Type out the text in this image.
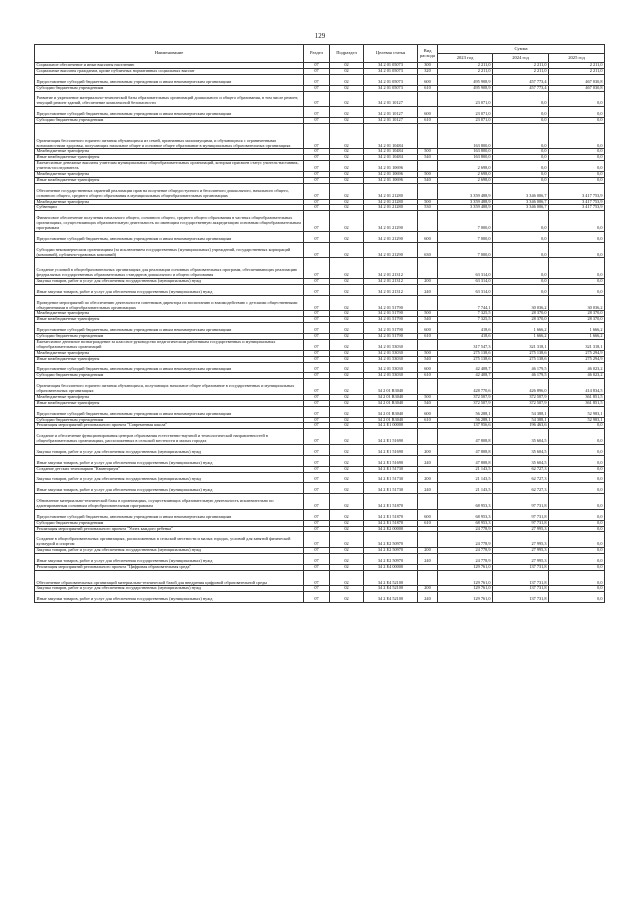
129
Наименование	Раздел	Подраздел	Целевая статья	Вид расхода	Сумма		
					2023 год	2024 год	2025 год
Социальное обеспечение и иные выплаты населению	07	02	34 2 01 05073	300	2 211,0	2 211,0	2 211,0
Социальные выплаты гражданам, кроме публичных нормативных социальных выплат	07	02	34 2 01 05073	320	2 211,0	2 211,0	2 211,0
Предоставление субсидий бюджетным, автономным учреждениям и иным некоммерческим организациям	07	02	34 2 01 05073	600	495 908,9	457 773,4	467 030,8
Субсидии бюджетным учреждениям	07	02	34 2 01 05073	610	495 908,9	457 773,4	467 030,8
Развитие и укрепление материально-технической базы образовательных организаций дошкольного и общего образования, в том числе ремонт, текущий ремонт зданий, обеспечение комплексной безопасности	07	02	34 2 01 10127		23 071,0	0,0	0,0
Предоставление субсидий бюджетным, автономным учреждениям и иным некоммерческим организациям	07	02	34 2 01 10127	600	23 071,0	0,0	0,0
Субсидии бюджетным учреждениям	07	02	34 2 01 10127	610	23 071,0	0,0	0,0
Организация бесплатного горячего питания обучающихся из семей, признанных малоимущими, и обучающихся с ограниченными возможностями здоровья, получающих начальное общее и основное общее образование в муниципальных образовательных организациях	07	02	34 2 01 10484		163 800,0	0,0	0,0
Межбюджетные трансферты	07	02	34 2 01 10484	500	163 800,0	0,0	0,0
Иные межбюджетные трансферты	07	02	34 2 01 10484	540	163 800,0	0,0	0,0
Ежемесячные денежные выплаты учителям муниципальных общеобразовательных организаций, которым присвоен статус учитель-наставник, учитель-исследователь	07	02	34 2 01 10696		2 698,0	0,0	0,0
Межбюджетные трансферты	07	02	34 2 01 10696	500	2 698,0	0,0	0,0
Иные межбюджетные трансферты	07	02	34 2 01 10696	540	2 698,0	0,0	0,0
Обеспечение государственных гарантий реализации прав на получение общедоступного и бесплатного дошкольного, начального общего, основного общего, среднего общего образования в муниципальных общеобразовательных организациях	07	02	34 2 01 21280		3 359 488,9	3 346 006,7	3 417 753,9
Межбюджетные трансферты	07	02	34 2 01 21280	500	3 359 488,9	3 346 006,7	3 417 753,9
Субвенции	07	02	34 2 01 21280	530	3 359 488,9	3 346 006,7	3 417 753,9
Финансовое обеспечение получения начального общего, основного общего, среднего общего образования в частных общеобразовательных организациях, осуществляющих образовательную деятельность по имеющим государственную аккредитацию основным общеобразовательным программам	07	02	34 2 01 21290		7 000,0	0,0	0,0
Предоставление субсидий бюджетным, автономным учреждениям и иным некоммерческим организациям	07	02	34 2 01 21290	600	7 000,0	0,0	0,0
Субсидии некоммерческим организациям (за исключением государственных (муниципальных) учреждений, государственных корпораций (компаний), публично-правовых компаний)	07	02	34 2 01 21290	630	7 000,0	0,0	0,0
Создание условий в общеобразовательных организациях для реализации основных образовательных программ, обеспечивающих реализацию федеральных государственных образовательных стандартов дошкольного и общего образования	07	02	34 2 01 21312		63 314,0	0,0	0,0
Закупка товаров, работ и услуг для обеспечения государственных (муниципальных) нужд	07	02	34 2 01 21312	200	63 314,0	0,0	0,0
Иные закупки товаров, работ и услуг для обеспечения государственных (муниципальных) нужд	07	02	34 2 01 21312	240	63 314,0	0,0	0,0
Проведение мероприятий по обеспечению деятельности советников директора по воспитанию и взаимодействию с детскими общественными объединениями в общеобразовательных организациях	07	02	34 2 01 51790		7 744,1	30 036,2	30 036,2
Межбюджетные трансферты	07	02	34 2 01 51790	500	7 325,5	28 370,0	28 370,0
Иные межбюджетные трансферты	07	02	34 2 01 51790	540	7 325,5	28 370,0	28 370,0
Предоставление субсидий бюджетным, автономным учреждениям и иным некоммерческим организациям	07	02	34 2 01 51790	600	418,6	1 666,2	1 666,2
Субсидии бюджетным учреждениям	07	02	34 2 01 51790	610	418,6	1 666,2	1 666,2
Ежемесячное денежное вознаграждение за классное руководство педагогическим работникам государственных и муниципальных общеобразовательных организаций	07	02	34 2 01 53030		317 547,3	321 318,1	321 318,1
Межбюджетные трансферты	07	02	34 2 01 53030	500	275 138,6	275 138,6	275 294,9
Иные межбюджетные трансферты	07	02	34 2 01 53030	540	275 138,6	275 138,6	275 294,9
Предоставление субсидий бюджетным, автономным учреждениям и иным некоммерческим организациям	07	02	34 2 01 53030	600	42 408,7	46 179,5	46 023,2
Субсидии бюджетным учреждениям	07	02	34 2 01 53030	610	42 408,7	46 179,5	46 023,2
Организация бесплатного горячего питания обучающихся, получающих начальное общее образование в государственных и муниципальных образовательных организациях	07	02	34 2 01 R3040		428 770,6	426 896,0	414 834,5
Межбюджетные трансферты	07	02	34 2 01 R3040	500	372 507,9	372 507,9	361 851,5
Иные межбюджетные трансферты	07	02	34 2 01 R3040	540	372 507,9	372 507,9	361 851,5
Предоставление субсидий бюджетным, автономным учреждениям и иным некоммерческим организациям	07	02	34 2 01 R3040	600	56 288,1	54 388,1	52 983,1
Субсидии бюджетным учреждениям	07	02	34 2 01 R3040	610	56 288,1	54 388,1	52 983,1
Реализация мероприятий регионального проекта "Современная школа"	07	02	34 2 E1 00000		137 956,6	196 463,6	0,0
Создание и обеспечение функционирования центров образования естественно-научной и технологической направленностей в общеобразовательных организациях, расположенных в сельской местности и малых городах	07	02	34 2 E1 51690		47 808,8	35 604,5	0,0
Закупка товаров, работ и услуг для обеспечения государственных (муниципальных) нужд	07	02	34 2 E1 51690	200	47 808,8	35 604,5	0,0
Иные закупки товаров, работ и услуг для обеспечения государственных (муниципальных) нужд	07	02	34 2 E1 51690	240	47 808,8	35 604,5	0,0
Создание детских технопарков "Кванториум"	07	02	34 2 E1 51730		21 143,5	62 727,3	0,0
Закупка товаров, работ и услуг для обеспечения государственных (муниципальных) нужд	07	02	34 2 E1 51730	200	21 143,5	62 727,3	0,0
Иные закупки товаров, работ и услуг для обеспечения государственных (муниципальных) нужд	07	02	34 2 E1 51730	240	21 143,5	62 727,3	0,0
Обновление материально-технической базы в организациях, осуществляющих образовательную деятельность исключительно по адаптированным основным общеобразовательным программам	07	02	34 2 E1 51870		68 953,3	97 731,8	0,0
Предоставление субсидий бюджетным, автономным учреждениям и иным некоммерческим организациям	07	02	34 2 E1 51870	600	68 953,3	97 731,8	0,0
Субсидии бюджетным учреждениям	07	02	34 2 E1 51870	610	68 953,3	97 731,8	0,0
Реализация мероприятий регионального проекта "Успех каждого ребенка"	07	02	34 2 E2 00000		24 778,9	27 995,3	0,0
Создание в общеобразовательных организациях, расположенных в сельской местности и малых городах, условий для занятий физической культурой и спортом	07	02	34 2 E2 50970		24 778,9	27 995,3	0,0
Закупка товаров, работ и услуг для обеспечения государственных (муниципальных) нужд	07	02	34 2 E2 50970	200	24 778,9	27 995,3	0,0
Иные закупки товаров, работ и услуг для обеспечения государственных (муниципальных) нужд	07	02	34 2 E2 50970	240	24 778,9	27 995,3	0,0
Реализация мероприятий регионального проекта "Цифровая образовательная среда"	07	02	34 2 E4 00000		129 761,0	137 731,8	0,0
Обеспечение образовательных организаций материально-технической базой для внедрения цифровой образовательной среды	07	02	34 2 E4 52100		129 761,0	137 731,8	0,0
Закупка товаров, работ и услуг для обеспечения государственных (муниципальных) нужд	07	02	34 2 E4 52100	200	129 761,0	137 731,8	0,0
Иные закупки товаров, работ и услуг для обеспечения государственных (муниципальных) нужд	07	02	34 2 E4 52100	240	129 761,0	137 731,8	0,0
